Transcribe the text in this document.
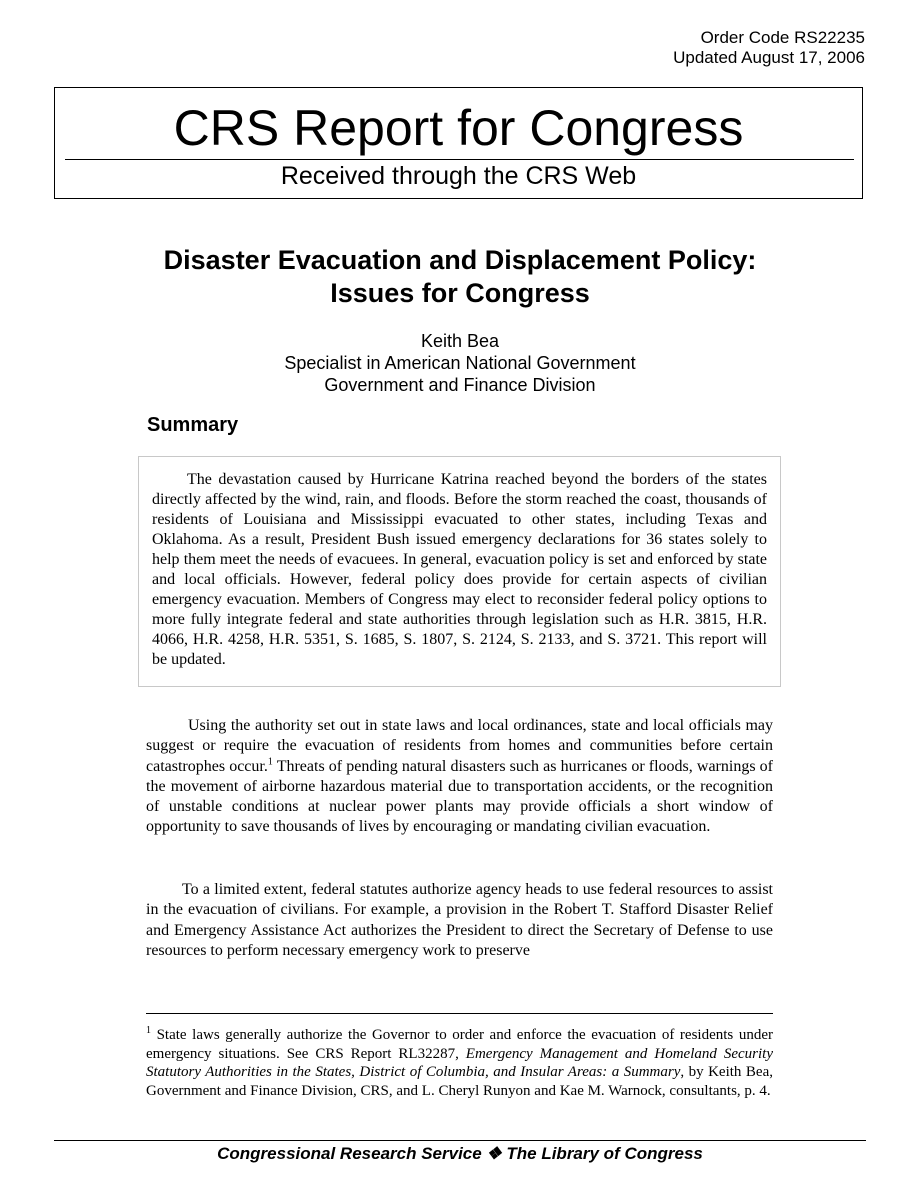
Order Code RS22235
Updated August 17, 2006
CRS Report for Congress
Received through the CRS Web
Disaster Evacuation and Displacement Policy:
Issues for Congress
Keith Bea
Specialist in American National Government
Government and Finance Division
Summary

The devastation caused by Hurricane Katrina reached beyond the borders of the states directly affected by the wind, rain, and floods. Before the storm reached the coast, thousands of residents of Louisiana and Mississippi evacuated to other states, including Texas and Oklahoma. As a result, President Bush issued emergency declarations for 36 states solely to help them meet the needs of evacuees. In general, evacuation policy is set and enforced by state and local officials. However, federal policy does provide for certain aspects of civilian emergency evacuation. Members of Congress may elect to reconsider federal policy options to more fully integrate federal and state authorities through legislation such as H.R. 3815, H.R. 4066, H.R. 4258, H.R. 5351, S. 1685, S. 1807, S. 2124, S. 2133, and S. 3721. This report will be updated.

Using the authority set out in state laws and local ordinances, state and local officials may suggest or require the evacuation of residents from homes and communities before certain catastrophes occur.$^1$ Threats of pending natural disasters such as hurricanes or floods, warnings of the movement of airborne hazardous material due to transportation accidents, or the recognition of unstable conditions at nuclear power plants may provide officials a short window of opportunity to save thousands of lives by encouraging or mandating civilian evacuation.

To a limited extent, federal statutes authorize agency heads to use federal resources to assist in the evacuation of civilians. For example, a provision in the Robert T. Stafford Disaster Relief and Emergency Assistance Act authorizes the President to direct the Secretary of Defense to use resources to perform necessary emergency work to preserve

$^1$ State laws generally authorize the Governor to order and enforce the evacuation of residents under emergency situations. See CRS Report RL32287, Emergency Management and Homeland Security Statutory Authorities in the States, District of Columbia, and Insular Areas: a Summary, by Keith Bea, Government and Finance Division, CRS, and L. Cheryl Runyon and Kae M. Warnock, consultants, p. 4.

Congressional Research Service ❖ The Library of Congress
